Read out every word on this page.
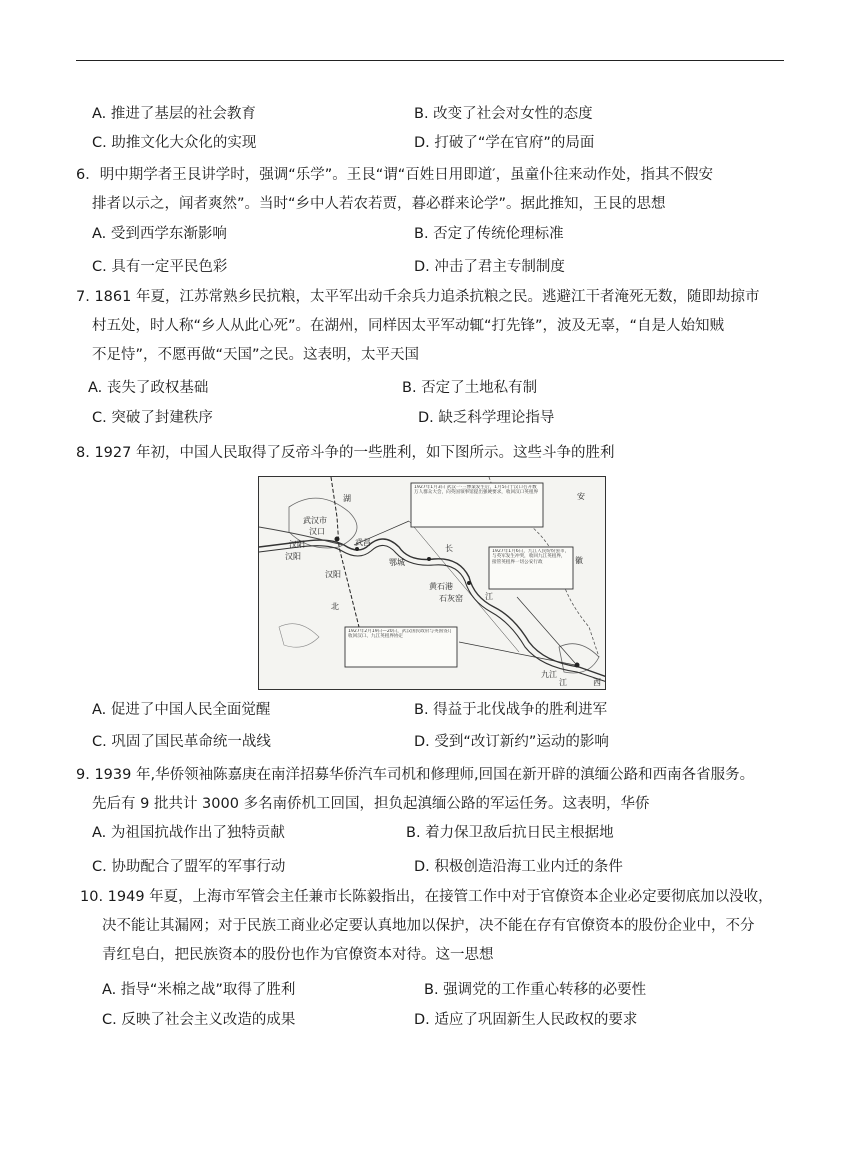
A. 推进了基层的社会教育	B. 改变了社会对女性的态度
C. 助推文化大众化的实现	D. 打破了“学在官府”的局面
6．明中期学者王艮讲学时，强调“乐学”。王艮“谓“百姓日用即道′，虽童仆往来动作处，指其不假安
排者以示之，闻者爽然”。当时“乡中人若农若贾，暮必群来论学”。据此推知，王艮的思想
A. 受到西学东渐影响	B. 否定了传统伦理标准
C. 具有一定平民色彩	D. 冲击了君主专制制度
7. 1861 年夏，江苏常熟乡民抗粮，太平军出动千余兵力追杀抗粮之民。逃避江干者淹死无数，随即劫掠市
村五处，时人称“乡人从此心死”。在湖州，同样因太平军动辄“打先锋”，波及无辜，“自是人始知贼
不足恃”，不愿再做“天国”之民。这表明，太平天国
A. 丧失了政权基础	B. 否定了土地私有制
C. 突破了封建秩序	D. 缺乏科学理论指导
8. 1927 年初，中国人民取得了反帝斗争的一些胜利，如下图所示。这些斗争的胜利
湖
武汉市
汉口
汉阳
汉阳
武昌
汉阳
北
长
江
鄂城
黄石港
石灰窑
安
徽
九江
江	西
1927年1月3日 武汉一·三惨案发生后，1月5日于汉口召开数万人群众大会，向英国领事馆提出强硬要求，收回汉口英租界
1927年1月6日，九江人民纷纷罢市，与英军发生冲突，收回九江英租界，接管英租界一切公安行政
1927年2月19日—20日，武汉国民政府与英国签订收回汉口、九江英租界协定
A. 促进了中国人民全面觉醒	B. 得益于北伐战争的胜利进军
C. 巩固了国民革命统一战线	D. 受到“改订新约”运动的影响
9. 1939 年,华侨领袖陈嘉庚在南洋招募华侨汽车司机和修理师,回国在新开辟的滇缅公路和西南各省服务。
先后有 9 批共计 3000 多名南侨机工回国，担负起滇缅公路的军运任务。这表明，华侨
A. 为祖国抗战作出了独特贡献	B. 着力保卫敌后抗日民主根据地
C. 协助配合了盟军的军事行动	D. 积极创造沿海工业内迁的条件
10. 1949 年夏，上海市军管会主任兼市长陈毅指出，在接管工作中对于官僚资本企业必定要彻底加以没收，
决不能让其漏网；对于民族工商业必定要认真地加以保护，决不能在存有官僚资本的股份企业中，不分
青红皂白，把民族资本的股份也作为官僚资本对待。这一思想
A. 指导“米棉之战”取得了胜利	B. 强调党的工作重心转移的必要性
C. 反映了社会主义改造的成果	D. 适应了巩固新生人民政权的要求
